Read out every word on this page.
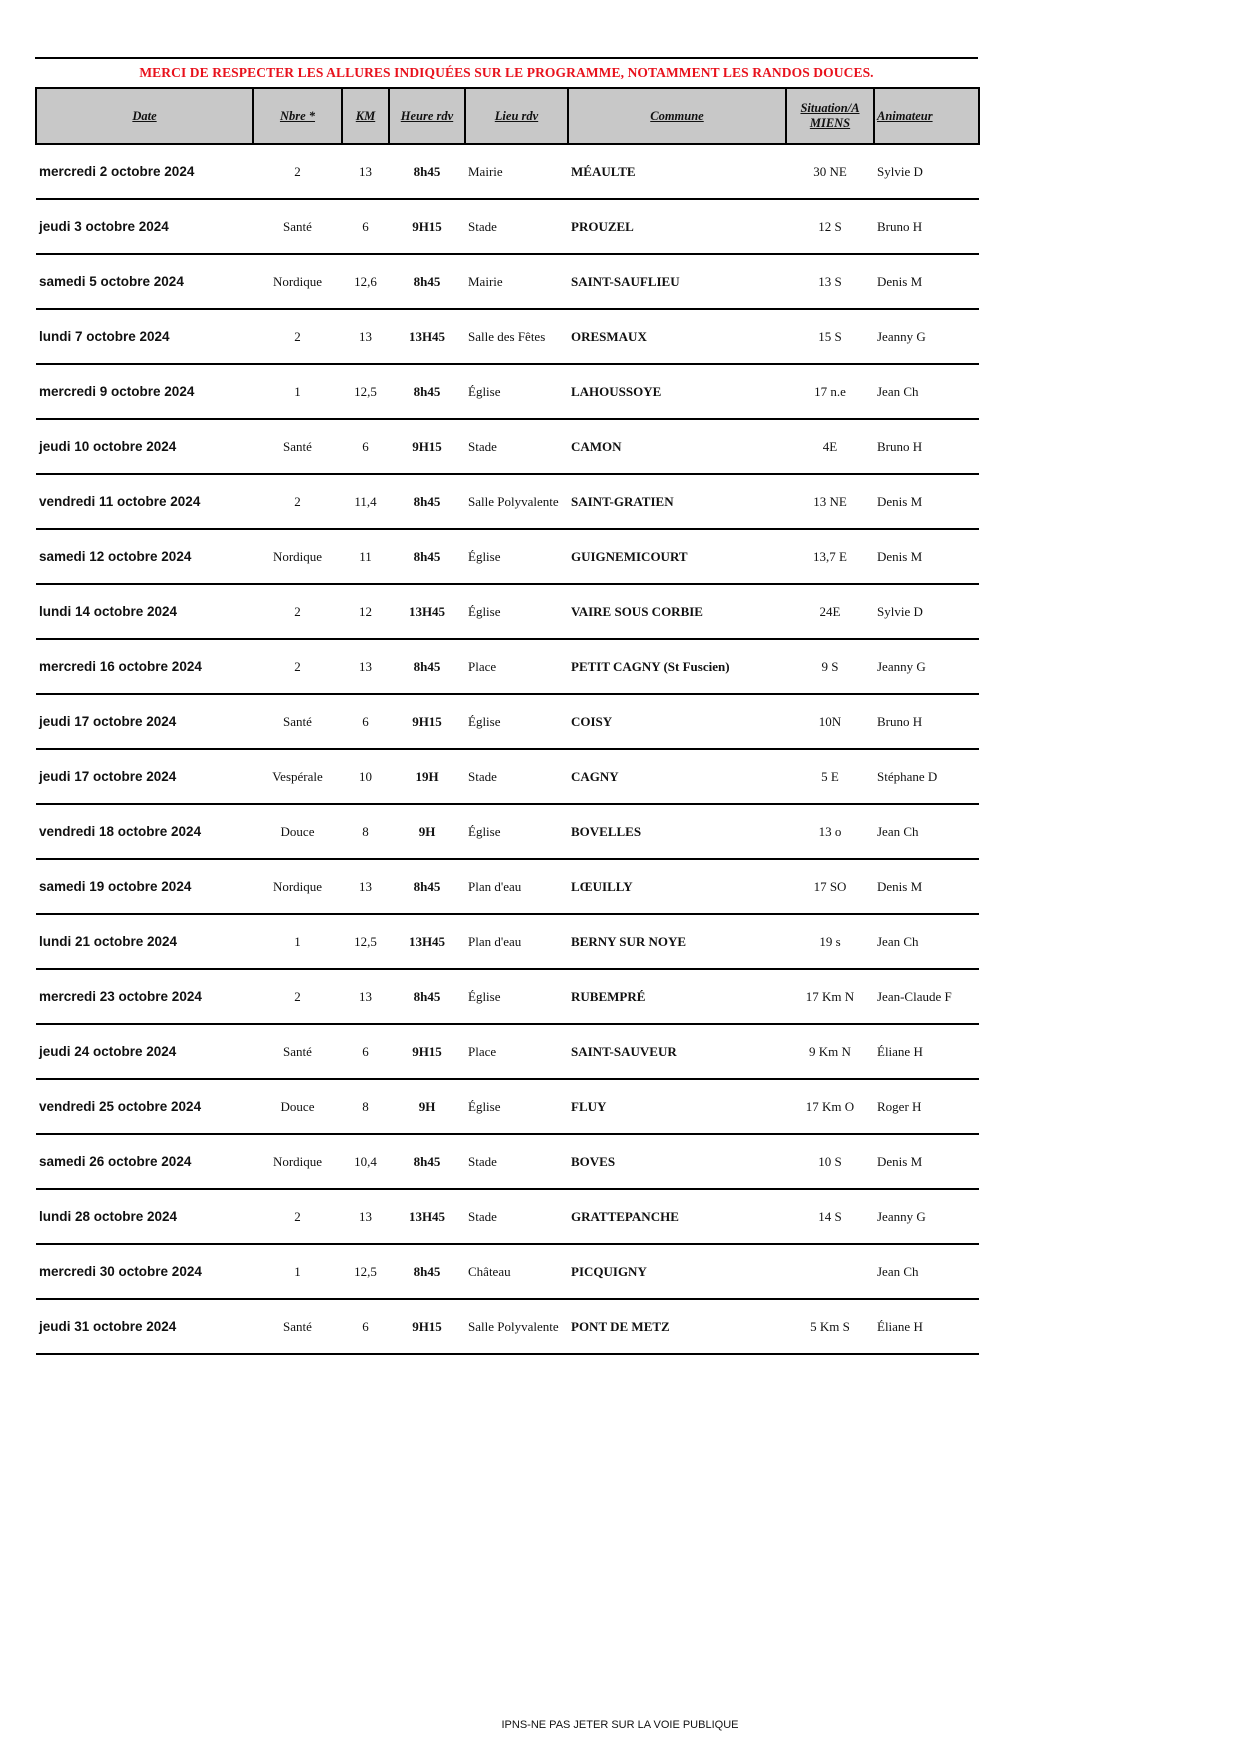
MERCI DE RESPECTER LES ALLURES INDIQUÉES SUR LE PROGRAMME, NOTAMMENT LES RANDOS DOUCES.
Date	Nbre *	KM	Heure rdv	Lieu rdv	Commune	Situation/A MIENS	Animateur
mercredi 2 octobre 2024	2	13	8h45	Mairie	MÉAULTE	30 NE	Sylvie D
jeudi 3 octobre 2024	Santé	6	9H15	Stade	PROUZEL	12 S	Bruno H
samedi 5 octobre 2024	Nordique	12,6	8h45	Mairie	SAINT-SAUFLIEU	13 S	Denis M
lundi 7 octobre 2024	2	13	13H45	Salle des Fêtes	ORESMAUX	15 S	Jeanny G
mercredi 9 octobre 2024	1	12,5	8h45	Église	LAHOUSSOYE	17 n.e	Jean Ch
jeudi 10 octobre 2024	Santé	6	9H15	Stade	CAMON	4E	Bruno H
vendredi 11 octobre 2024	2	11,4	8h45	Salle Polyvalente	SAINT-GRATIEN	13 NE	Denis M
samedi 12 octobre 2024	Nordique	11	8h45	Église	GUIGNEMICOURT	13,7 E	Denis M
lundi 14 octobre 2024	2	12	13H45	Église	VAIRE SOUS CORBIE	24E	Sylvie D
mercredi 16 octobre 2024	2	13	8h45	Place	PETIT CAGNY (St Fuscien)	9 S	Jeanny G
jeudi 17 octobre 2024	Santé	6	9H15	Église	COISY	10N	Bruno H
jeudi 17 octobre 2024	Vespérale	10	19H	Stade	CAGNY	5 E	Stéphane D
vendredi 18 octobre 2024	Douce	8	9H	Église	BOVELLES	13 o	Jean Ch
samedi 19 octobre 2024	Nordique	13	8h45	Plan d'eau	LŒUILLY	17 SO	Denis M
lundi 21 octobre 2024	1	12,5	13H45	Plan d'eau	BERNY SUR NOYE	19 s	Jean Ch
mercredi 23 octobre 2024	2	13	8h45	Église	RUBEMPRÉ	17 Km N	Jean-Claude F
jeudi 24 octobre 2024	Santé	6	9H15	Place	SAINT-SAUVEUR	9 Km N	Éliane H
vendredi 25 octobre 2024	Douce	8	9H	Église	FLUY	17 Km O	Roger H
samedi 26 octobre 2024	Nordique	10,4	8h45	Stade	BOVES	10 S	Denis M
lundi 28 octobre 2024	2	13	13H45	Stade	GRATTEPANCHE	14 S	Jeanny G
mercredi 30 octobre 2024	1	12,5	8h45	Château	PICQUIGNY		Jean Ch
jeudi 31 octobre 2024	Santé	6	9H15	Salle Polyvalente	PONT DE METZ	5 Km S	Éliane H
IPNS-NE PAS JETER SUR LA VOIE PUBLIQUE
